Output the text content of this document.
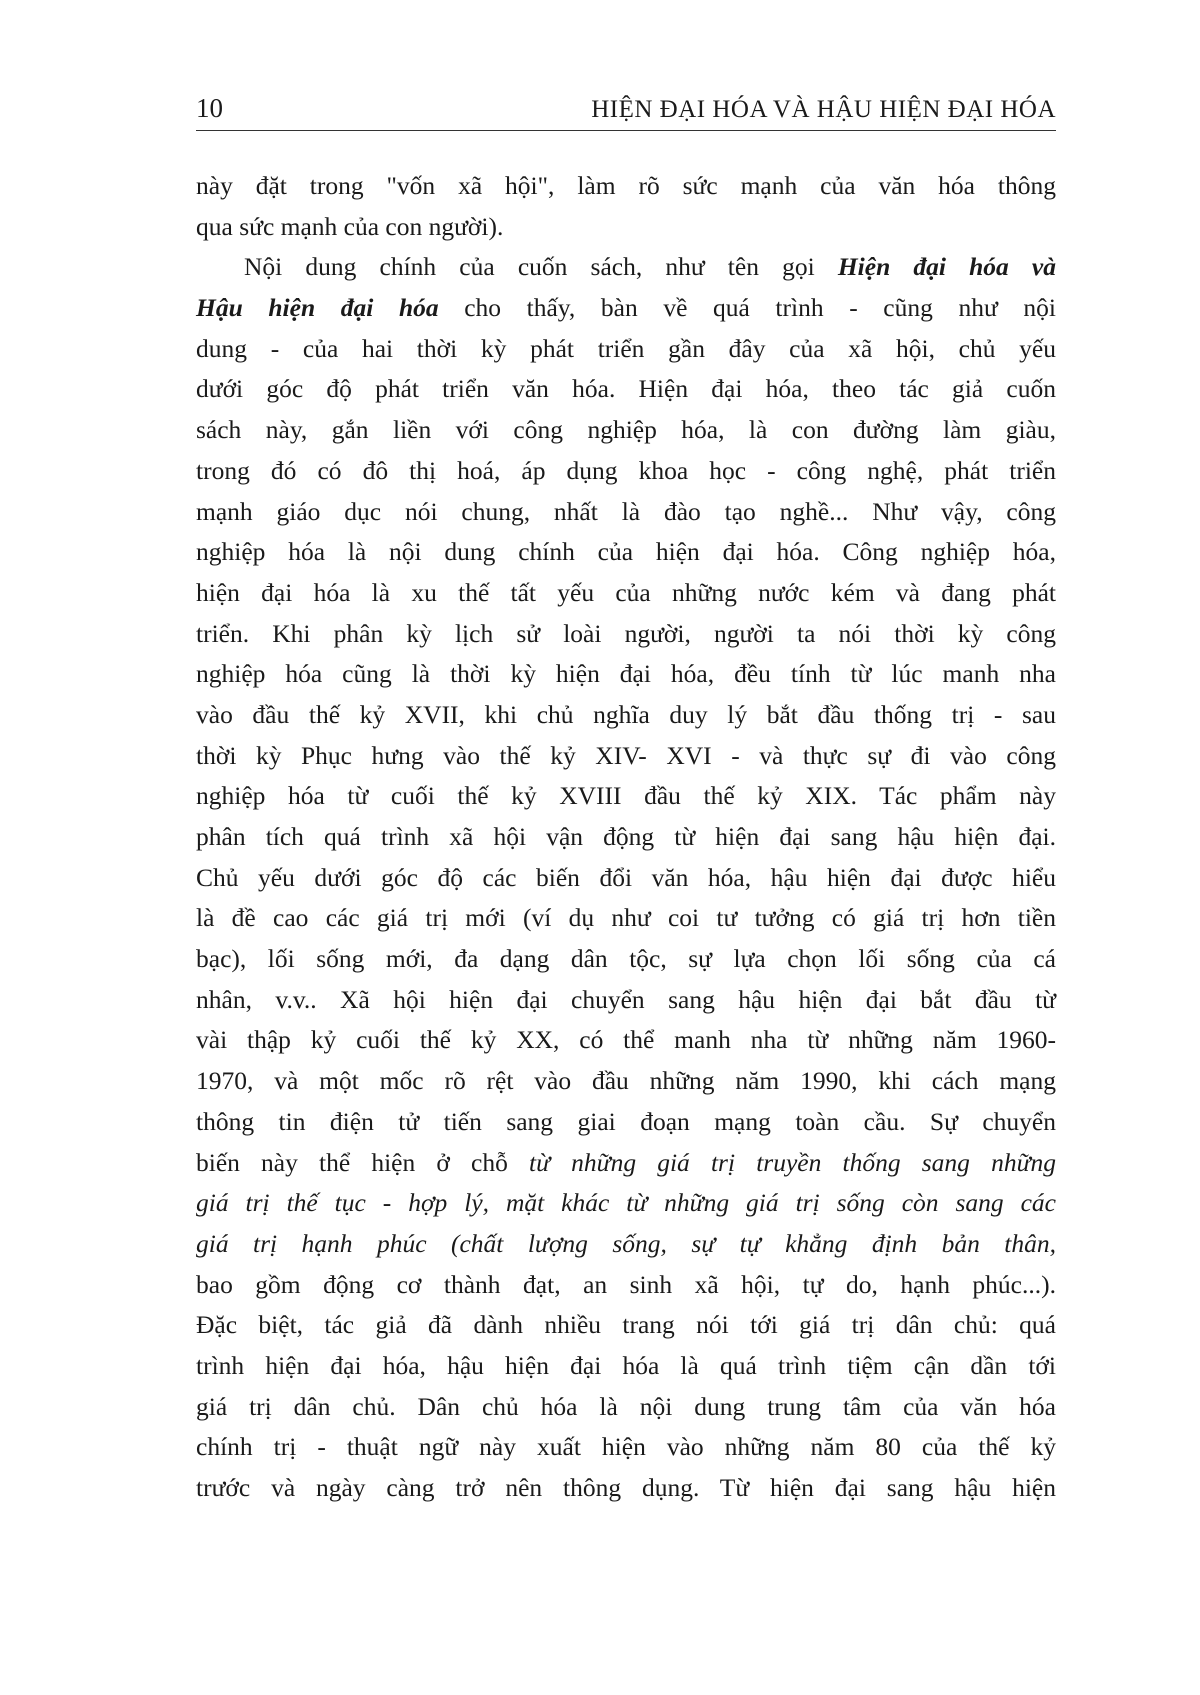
10	HIỆN ĐẠI HÓA VÀ HẬU HIỆN ĐẠI HÓA
này đặt trong "vốn xã hội", làm rõ sức mạnh của văn hóa thông
qua sức mạnh của con người).
Nội dung chính của cuốn sách, như tên gọi Hiện đại hóa và
Hậu hiện đại hóa cho thấy, bàn về quá trình - cũng như nội
dung - của hai thời kỳ phát triển gần đây của xã hội, chủ yếu
dưới góc độ phát triển văn hóa. Hiện đại hóa, theo tác giả cuốn
sách này, gắn liền với công nghiệp hóa, là con đường làm giàu,
trong đó có đô thị hoá, áp dụng khoa học - công nghệ, phát triển
mạnh giáo dục nói chung, nhất là đào tạo nghề... Như vậy, công
nghiệp hóa là nội dung chính của hiện đại hóa. Công nghiệp hóa,
hiện đại hóa là xu thế tất yếu của những nước kém và đang phát
triển. Khi phân kỳ lịch sử loài người, người ta nói thời kỳ công
nghiệp hóa cũng là thời kỳ hiện đại hóa, đều tính từ lúc manh nha
vào đầu thế kỷ XVII, khi chủ nghĩa duy lý bắt đầu thống trị - sau
thời kỳ Phục hưng vào thế kỷ XIV- XVI - và thực sự đi vào công
nghiệp hóa từ cuối thế kỷ XVIII đầu thế kỷ XIX. Tác phẩm này
phân tích quá trình xã hội vận động từ hiện đại sang hậu hiện đại.
Chủ yếu dưới góc độ các biến đổi văn hóa, hậu hiện đại được hiểu
là đề cao các giá trị mới (ví dụ như coi tư tưởng có giá trị hơn tiền
bạc), lối sống mới, đa dạng dân tộc, sự lựa chọn lối sống của cá
nhân, v.v.. Xã hội hiện đại chuyển sang hậu hiện đại bắt đầu từ
vài thập kỷ cuối thế kỷ XX, có thể manh nha từ những năm 1960-
1970, và một mốc rõ rệt vào đầu những năm 1990, khi cách mạng
thông tin điện tử tiến sang giai đoạn mạng toàn cầu. Sự chuyển
biến này thể hiện ở chỗ từ những giá trị truyền thống sang những
giá trị thế tục - hợp lý, mặt khác từ những giá trị sống còn sang các
giá trị hạnh phúc (chất lượng sống, sự tự khẳng định bản thân,
bao gồm động cơ thành đạt, an sinh xã hội, tự do, hạnh phúc...).
Đặc biệt, tác giả đã dành nhiều trang nói tới giá trị dân chủ: quá
trình hiện đại hóa, hậu hiện đại hóa là quá trình tiệm cận dần tới
giá trị dân chủ. Dân chủ hóa là nội dung trung tâm của văn hóa
chính trị - thuật ngữ này xuất hiện vào những năm 80 của thế kỷ
trước và ngày càng trở nên thông dụng. Từ hiện đại sang hậu hiện
